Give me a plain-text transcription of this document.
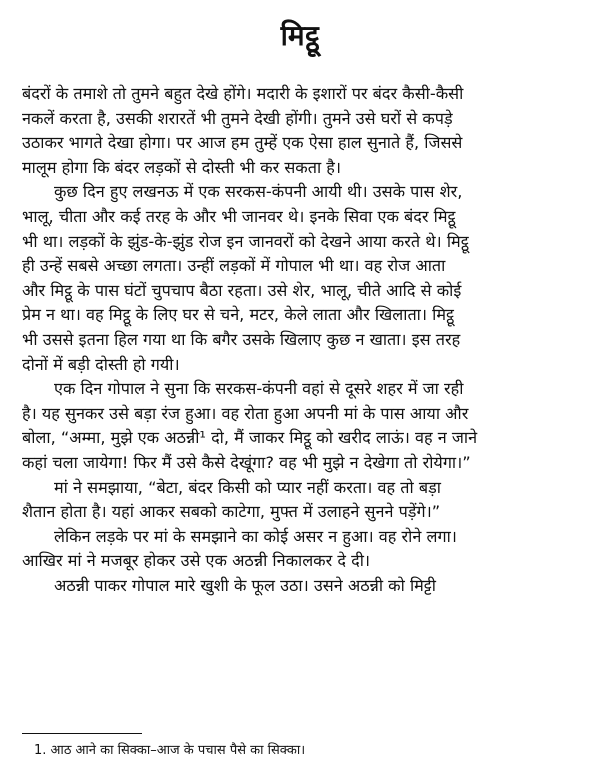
मिट्ठू
बंदरों के तमाशे तो तुमने बहुत देखे होंगे। मदारी के इशारों पर बंदर कैसी-कैसी
नकलें करता है, उसकी शरारतें भी तुमने देखी होंगी। तुमने उसे घरों से कपड़े
उठाकर भागते देखा होगा। पर आज हम तुम्हें एक ऐसा हाल सुनाते हैं, जिससे
मालूम होगा कि बंदर लड़कों से दोस्ती भी कर सकता है।
कुछ दिन हुए लखनऊ में एक सरकस-कंपनी आयी थी। उसके पास शेर,
भालू, चीता और कई तरह के और भी जानवर थे। इनके सिवा एक बंदर मिट्ठू
भी था। लड़कों के झुंड-के-झुंड रोज इन जानवरों को देखने आया करते थे। मिट्ठू
ही उन्हें सबसे अच्छा लगता। उन्हीं लड़कों में गोपाल भी था। वह रोज आता
और मिट्ठू के पास घंटों चुपचाप बैठा रहता। उसे शेर, भालू, चीते आदि से कोई
प्रेम न था। वह मिट्ठू के लिए घर से चने, मटर, केले लाता और खिलाता। मिट्ठू
भी उससे इतना हिल गया था कि बगैर उसके खिलाए कुछ न खाता। इस तरह
दोनों में बड़ी दोस्ती हो गयी।
एक दिन गोपाल ने सुना कि सरकस-कंपनी वहां से दूसरे शहर में जा रही
है। यह सुनकर उसे बड़ा रंज हुआ। वह रोता हुआ अपनी मां के पास आया और
बोला, “अम्मा, मुझे एक अठन्नी¹ दो, मैं जाकर मिट्ठू को खरीद लाऊं। वह न जाने
कहां चला जायेगा! फिर मैं उसे कैसे देखूंगा? वह भी मुझे न देखेगा तो रोयेगा।”
मां ने समझाया, “बेटा, बंदर किसी को प्यार नहीं करता। वह तो बड़ा
शैतान होता है। यहां आकर सबको काटेगा, मुफ्त में उलाहने सुनने पड़ेंगे।”
लेकिन लड़के पर मां के समझाने का कोई असर न हुआ। वह रोने लगा।
आखिर मां ने मजबूर होकर उसे एक अठन्नी निकालकर दे दी।
अठन्नी पाकर गोपाल मारे खुशी के फूल उठा। उसने अठन्नी को मिट्टी
1. आठ आने का सिक्का–आज के पचास पैसे का सिक्का।
